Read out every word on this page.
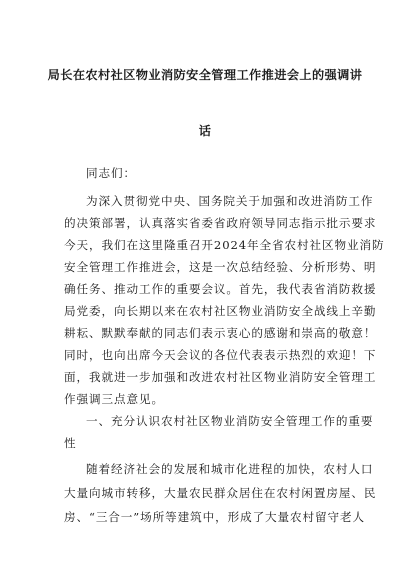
局长在农村社区物业消防安全管理工作推进会上的强调讲
话
同志们：
为深入贯彻党中央、国务院关于加强和改进消防工作
的决策部署，认真落实省委省政府领导同志指示批示要求
今天，我们在这里隆重召开2024年全省农村社区物业消防
安全管理工作推进会，这是一次总结经验、分析形势、明
确任务、推动工作的重要会议。首先，我代表省消防救援
局党委，向长期以来在农村社区物业消防安全战线上辛勤
耕耘、默默奉献的同志们表示衷心的感谢和崇高的敬意！
同时，也向出席今天会议的各位代表表示热烈的欢迎！下
面，我就进一步加强和改进农村社区物业消防安全管理工
作强调三点意见。
一、充分认识农村社区物业消防安全管理工作的重要
性
随着经济社会的发展和城市化进程的加快，农村人口
大量向城市转移，大量农民群众居住在农村闲置房屋、民
房、“三合一”场所等建筑中，形成了大量农村留守老人
